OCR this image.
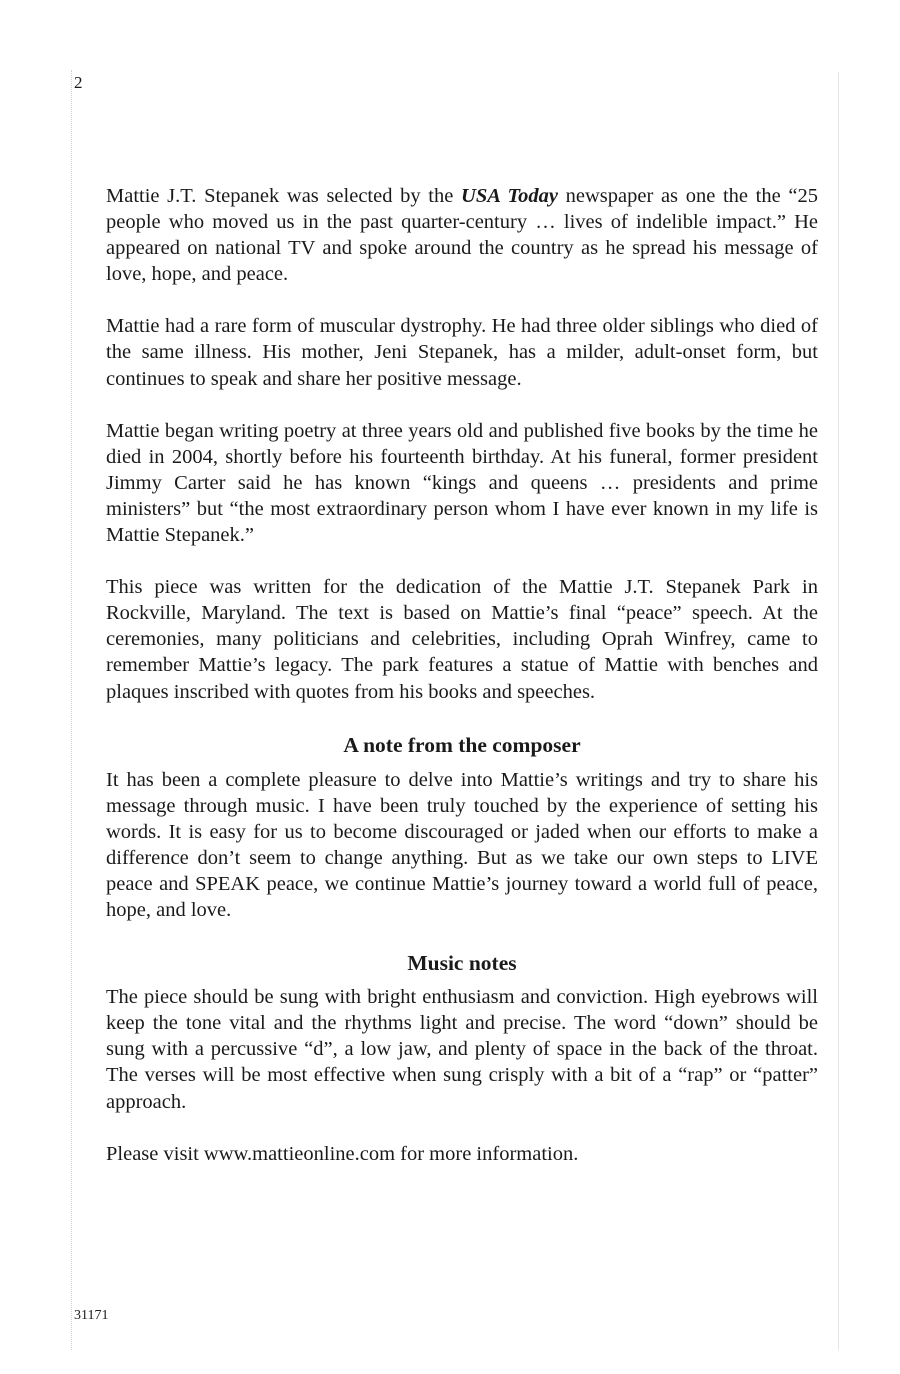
2

Mattie J.T. Stepanek was selected by the USA Today newspaper as one the the “25 people who moved us in the past quarter-century … lives of indelible impact.” He appeared on national TV and spoke around the country as he spread his message of love, hope, and peace.

Mattie had a rare form of muscular dystrophy. He had three older siblings who died of the same illness. His mother, Jeni Stepanek, has a milder, adult-onset form, but continues to speak and share her positive message.

Mattie began writing poetry at three years old and published five books by the time he died in 2004, shortly before his fourteenth birthday. At his funeral, former president Jimmy Carter said he has known “kings and queens … presidents and prime ministers” but “the most extraordinary person whom I have ever known in my life is Mattie Stepanek.”

This piece was written for the dedication of the Mattie J.T. Stepanek Park in Rockville, Maryland. The text is based on Mattie’s final “peace” speech. At the ceremonies, many politicians and celebrities, including Oprah Winfrey, came to remember Mattie’s legacy. The park features a statue of Mattie with benches and plaques inscribed with quotes from his books and speeches.

A note from the composer

It has been a complete pleasure to delve into Mattie’s writings and try to share his message through music. I have been truly touched by the experience of setting his words. It is easy for us to become discouraged or jaded when our efforts to make a difference don’t seem to change anything. But as we take our own steps to LIVE peace and SPEAK peace, we continue Mattie’s journey toward a world full of peace, hope, and love.

Music notes

The piece should be sung with bright enthusiasm and conviction. High eyebrows will keep the tone vital and the rhythms light and precise. The word “down” should be sung with a percussive “d”, a low jaw, and plenty of space in the back of the throat. The verses will be most effective when sung crisply with a bit of a “rap” or “patter” approach.

Please visit www.mattieonline.com for more information.

31171
